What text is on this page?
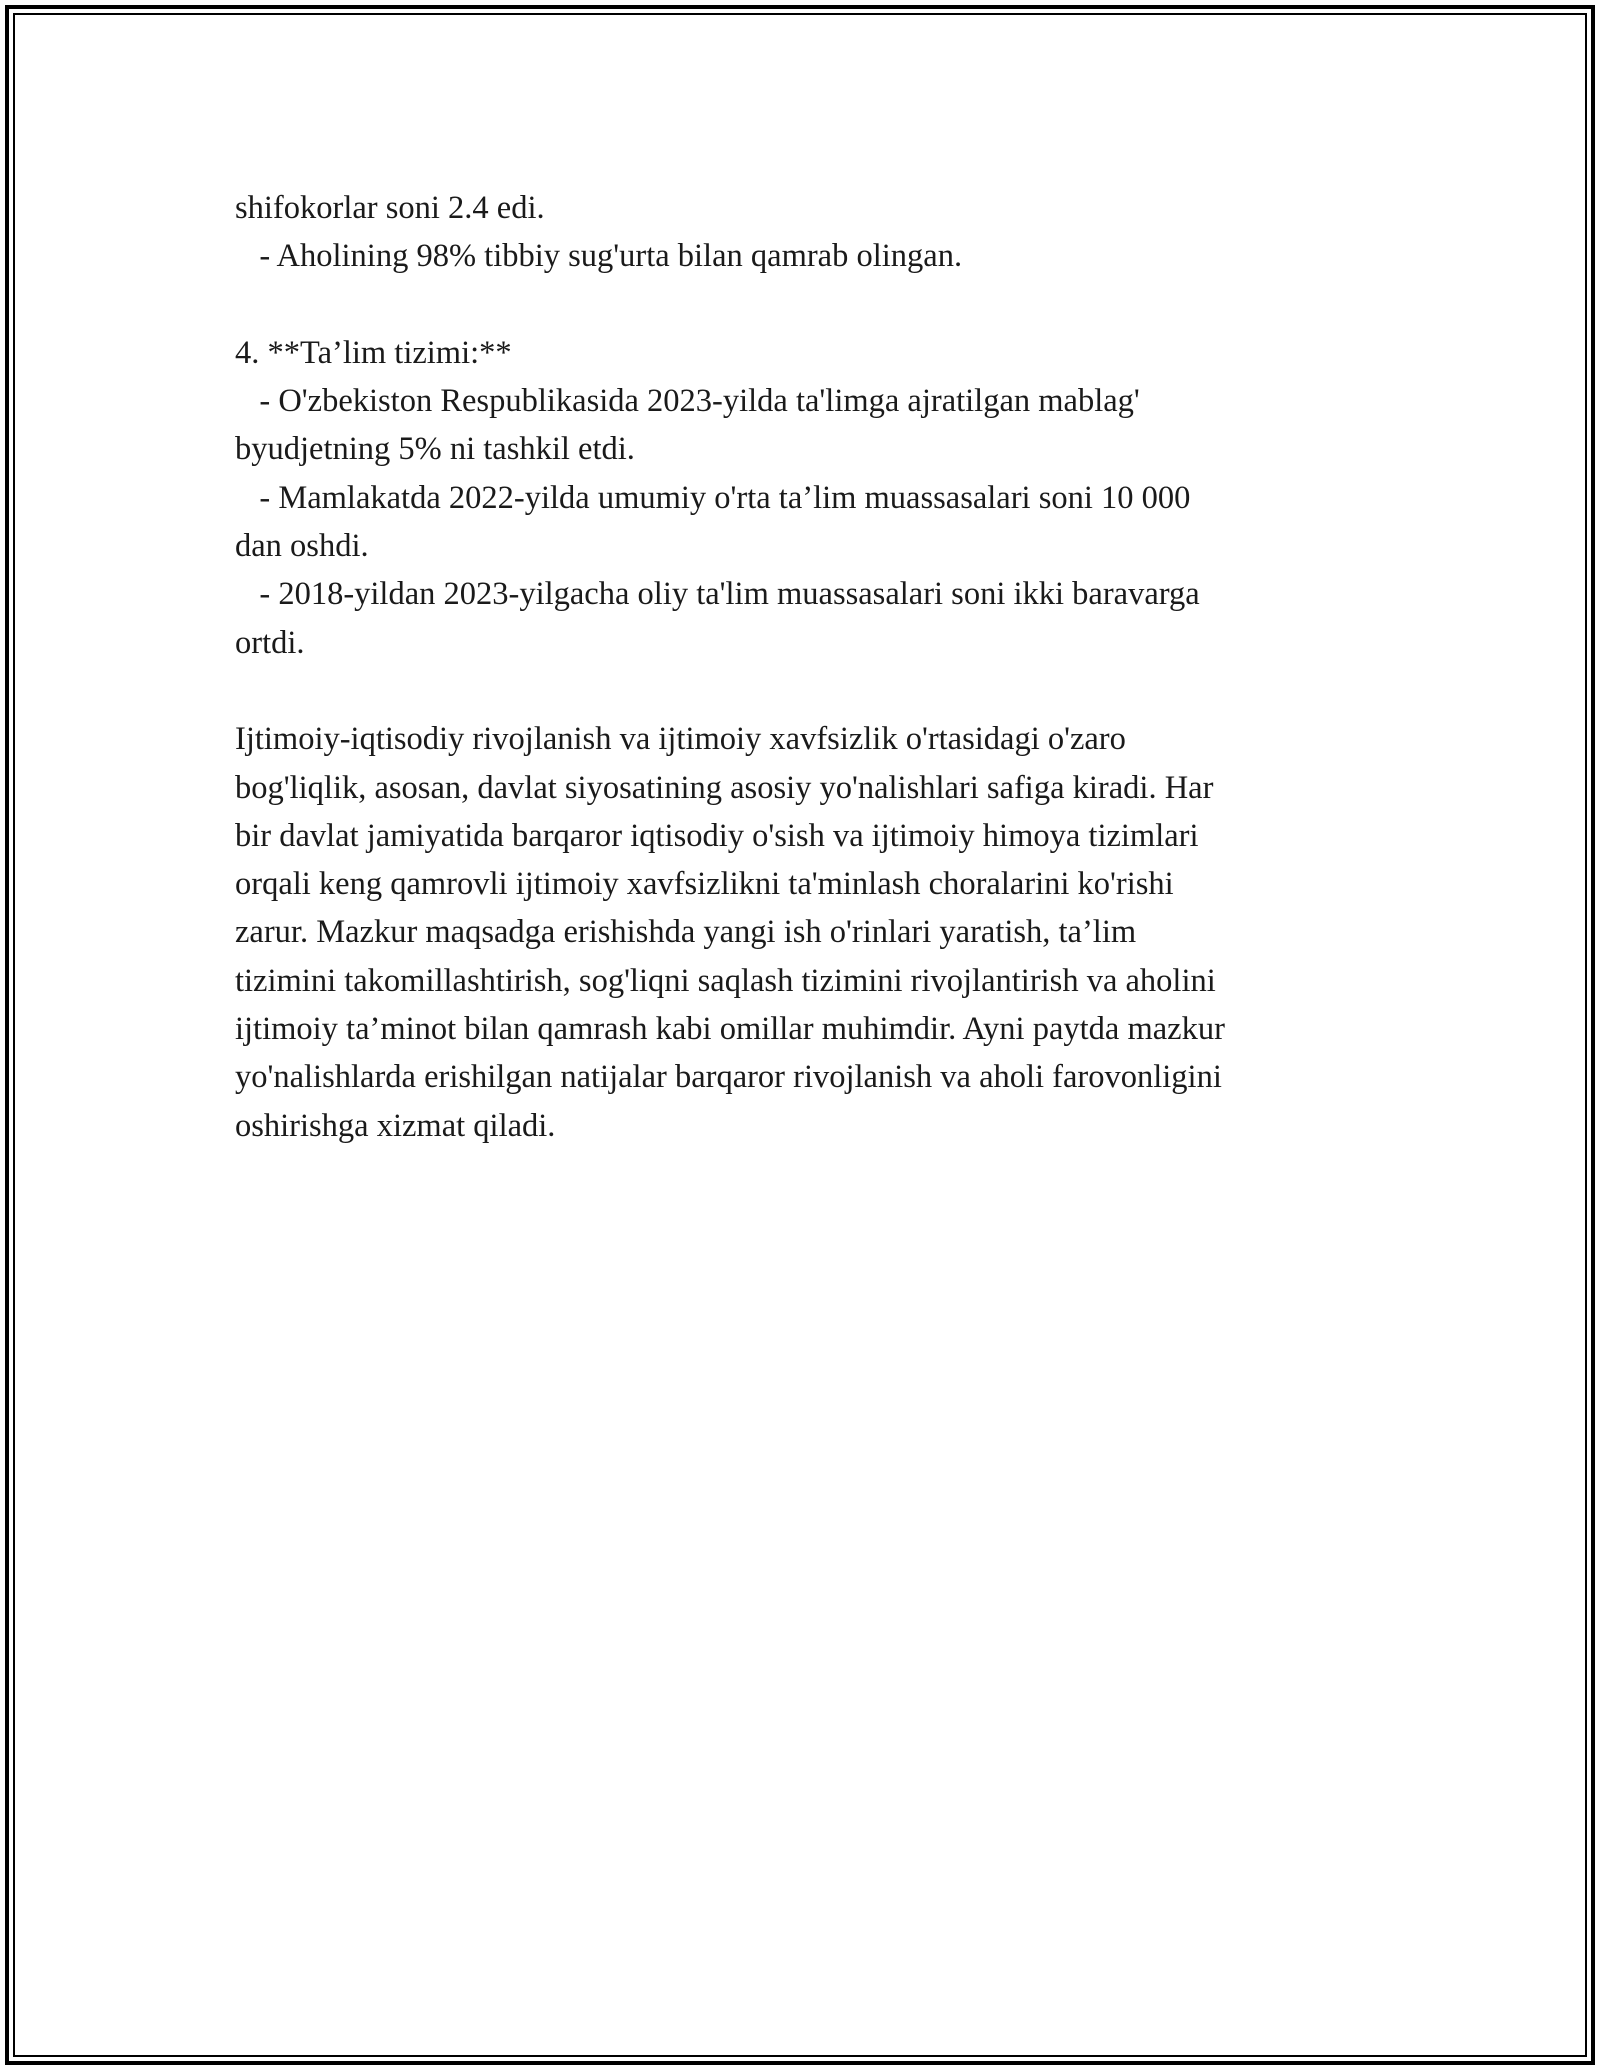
shifokorlar soni 2.4 edi.
- Aholining 98% tibbiy sug'urta bilan qamrab olingan.
4. **Ta’lim tizimi:**
- O'zbekiston Respublikasida 2023-yilda ta'limga ajratilgan mablag'
byudjetning 5% ni tashkil etdi.
- Mamlakatda 2022-yilda umumiy o'rta ta’lim muassasalari soni 10 000
dan oshdi.
- 2018-yildan 2023-yilgacha oliy ta'lim muassasalari soni ikki baravarga
ortdi.
Ijtimoiy-iqtisodiy rivojlanish va ijtimoiy xavfsizlik o'rtasidagi o'zaro
bog'liqlik, asosan, davlat siyosatining asosiy yo'nalishlari safiga kiradi. Har
bir davlat jamiyatida barqaror iqtisodiy o'sish va ijtimoiy himoya tizimlari
orqali keng qamrovli ijtimoiy xavfsizlikni ta'minlash choralarini ko'rishi
zarur. Mazkur maqsadga erishishda yangi ish o'rinlari yaratish, ta’lim
tizimini takomillashtirish, sog'liqni saqlash tizimini rivojlantirish va aholini
ijtimoiy ta’minot bilan qamrash kabi omillar muhimdir. Ayni paytda mazkur
yo'nalishlarda erishilgan natijalar barqaror rivojlanish va aholi farovonligini
oshirishga xizmat qiladi.
